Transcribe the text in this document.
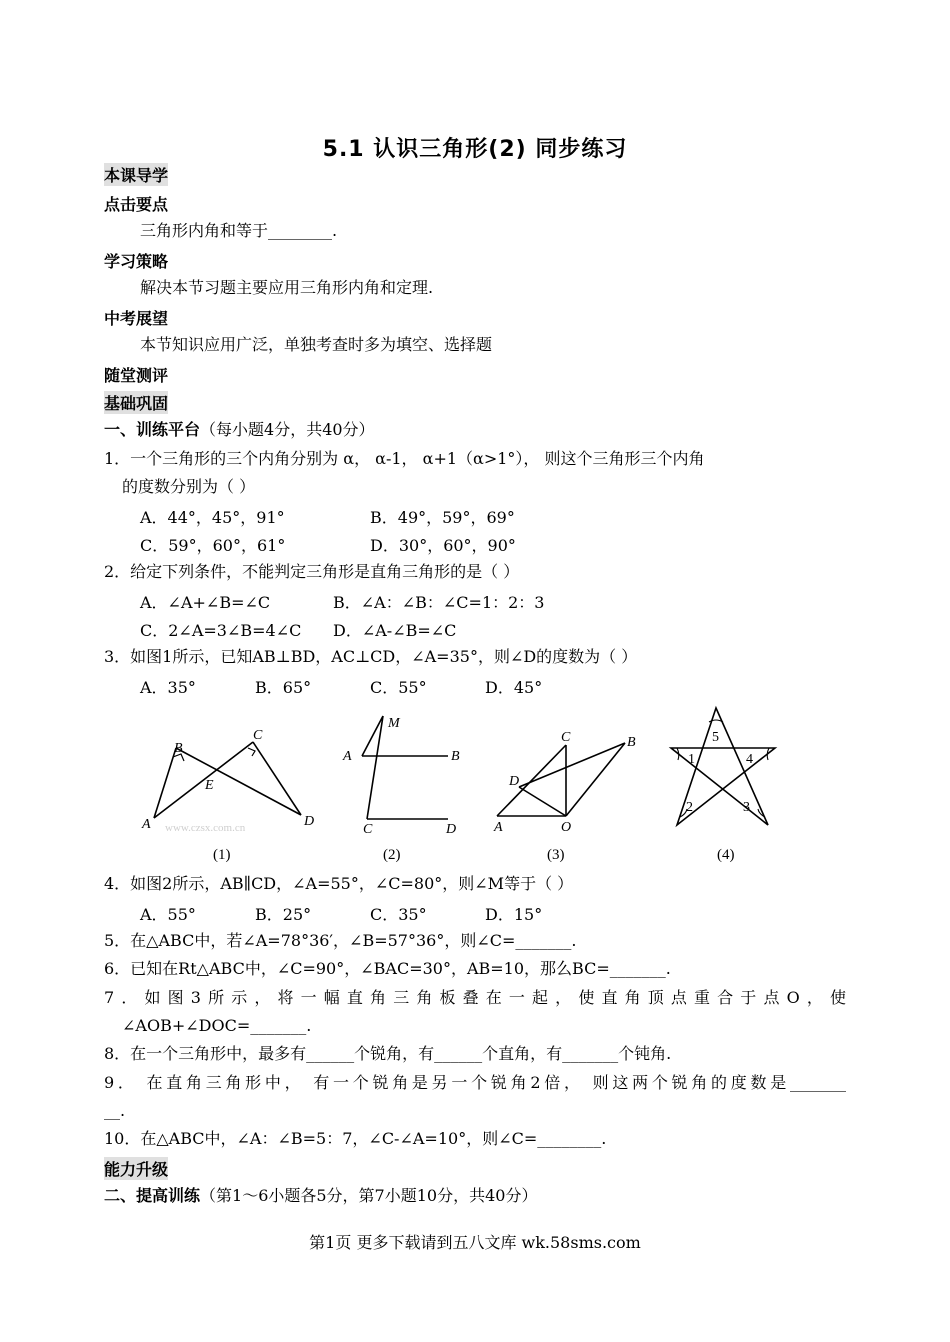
5.1 认识三角形(2) 同步练习
本课导学
点击要点
三角形内角和等于________.
学习策略
解决本节习题主要应用三角形内角和定理.
中考展望
本节知识应用广泛，单独考查时多为填空、选择题
随堂测评
基础巩固
一、训练平台（每小题4分，共40分）
1．一个三角形的三个内角分别为 α， α-1， α+1（α>1°）， 则这个三角形三个内角
的度数分别为（ ）
A．44°，45°，91°	B．49°，59°，69°
C．59°，60°，61°	D．30°，60°，90°
2．给定下列条件，不能判定三角形是直角三角形的是（ ）
A．∠A+∠B=∠C	B．∠A：∠B：∠C=1：2：3
C．2∠A=3∠B=4∠C D．∠A-∠B=∠C
3．如图1所示，已知AB⊥BD，AC⊥CD，∠A=35°，则∠D的度数为（ ）
A．35°	B．65°	C．55°	D．45°
A
B
C
D
E
www.czsx.com.cn
(1)
M
A	B
C	D
(2)
C	B
D
A	O
(3)
5
1	4
2	3
(4)
4．如图2所示，AB∥CD，∠A=55°，∠C=80°，则∠M等于（ ）
A．55°	B．25°	C．35°	D．15°
5．在△ABC中，若∠A=78°36′，∠B=57°36°，则∠C=_______.
6．已知在Rt△ABC中，∠C=90°，∠BAC=30°，AB=10，那么BC=_______.
7．如图3所示，将一幅直角三角板叠在一起，使直角顶点重合于点O，使
∠AOB+∠DOC=_______.
8．在一个三角形中，最多有______个锐角，有______个直角，有_______个钝角.
9． 在直角三角形中， 有一个锐角是另一个锐角2倍， 则这两个锐角的度数是_______
__.
10．在△ABC中，∠A：∠B=5：7，∠C-∠A=10°，则∠C=________.
能力升级
二、提高训练（第1～6小题各5分，第7小题10分，共40分）
第1页 更多下载请到五八文库 wk.58sms.com
